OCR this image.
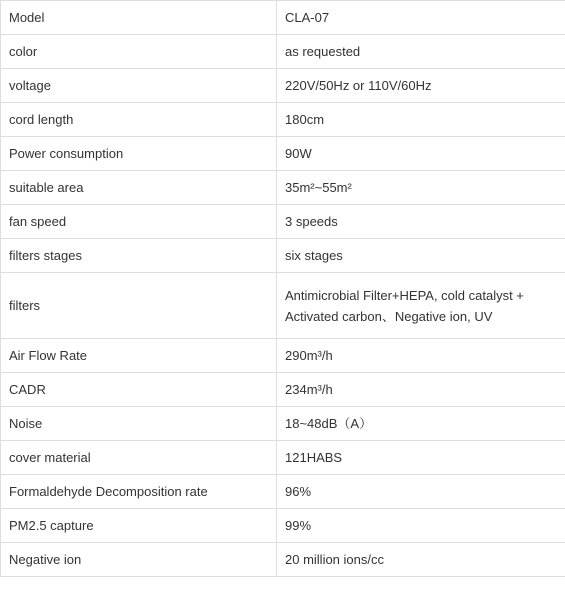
Model	CLA-07
color	as requested
voltage	220V/50Hz or 110V/60Hz
cord length	180cm
Power consumption	90W
suitable area	35m²~55m²
fan speed	3 speeds
filters stages	six stages
filters	Antimicrobial Filter+HEPA, cold catalyst + Activated carbon、Negative ion, UV
Air Flow Rate	290m³/h
CADR	234m³/h
Noise	18~48dB（A）
cover material	121HABS
Formaldehyde Decomposition rate	96%
PM2.5 capture	99%
Negative ion	20 million ions/cc
